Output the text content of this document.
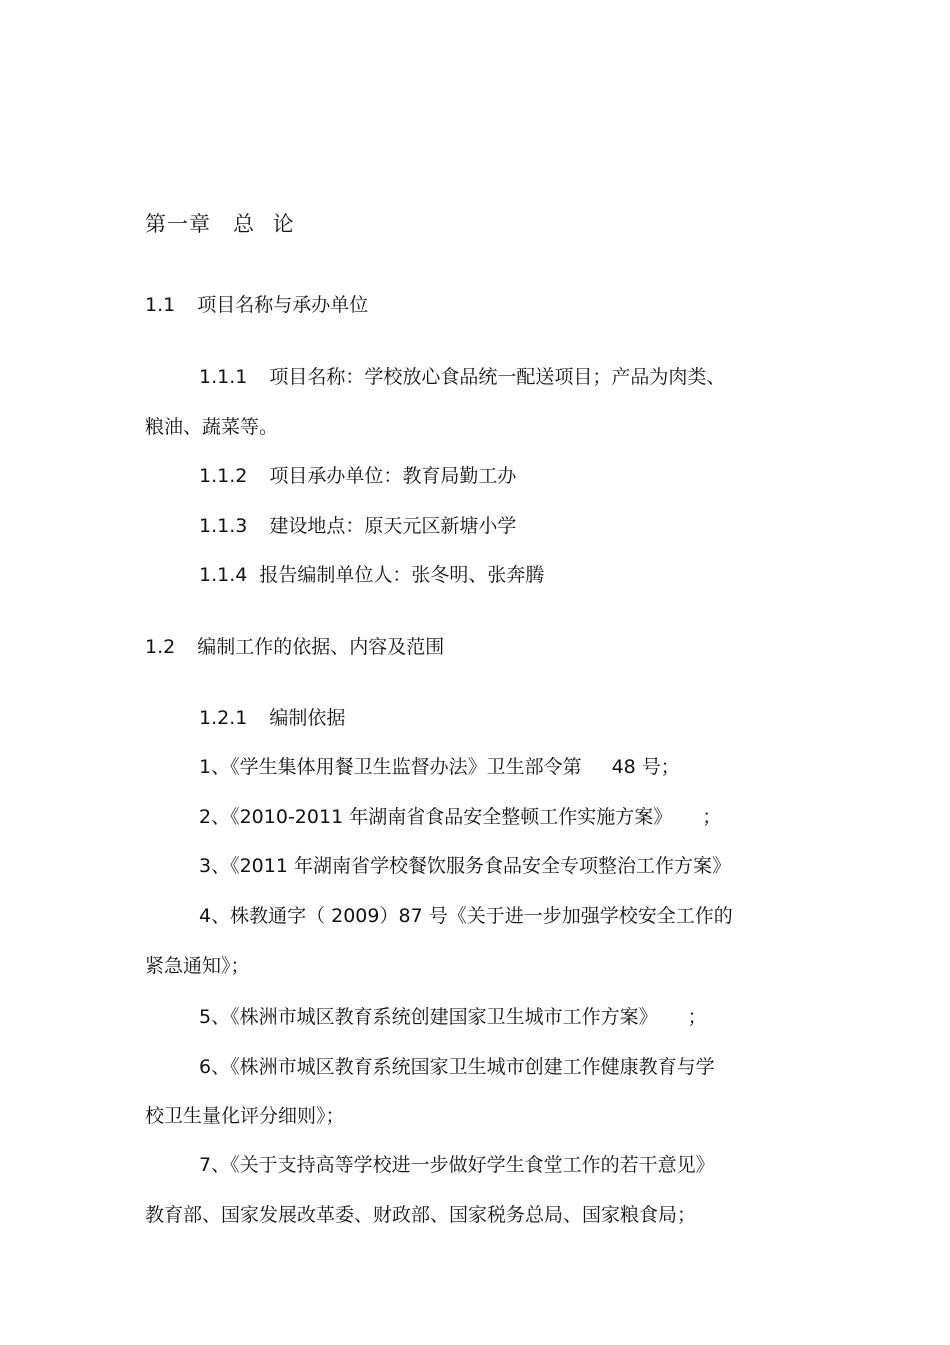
第一章 总 论
1.1 项目名称与承办单位
1.1.1 项目名称：学校放心食品统一配送项目；产品为肉类、
粮油、蔬菜等。
1.1.2 项目承办单位：教育局勤工办
1.1.3 建设地点：原天元区新塘小学
1.1.4 报告编制单位人：张冬明、张奔腾
1.2 编制工作的依据、内容及范围
1.2.1 编制依据
1、《学生集体用餐卫生监督办法》卫生部令第 48 号；
2、《2010-2011 年湖南省食品安全整顿工作实施方案》 ；
3、《2011 年湖南省学校餐饮服务食品安全专项整治工作方案》
4、株教通字（ 2009）87 号《关于进一步加强学校安全工作的
紧急通知》；
5、《株洲市城区教育系统创建国家卫生城市工作方案》 ；
6、《株洲市城区教育系统国家卫生城市创建工作健康教育与学
校卫生量化评分细则》；
7、《关于支持高等学校进一步做好学生食堂工作的若干意见》
教育部、国家发展改革委、财政部、国家税务总局、国家粮食局；
